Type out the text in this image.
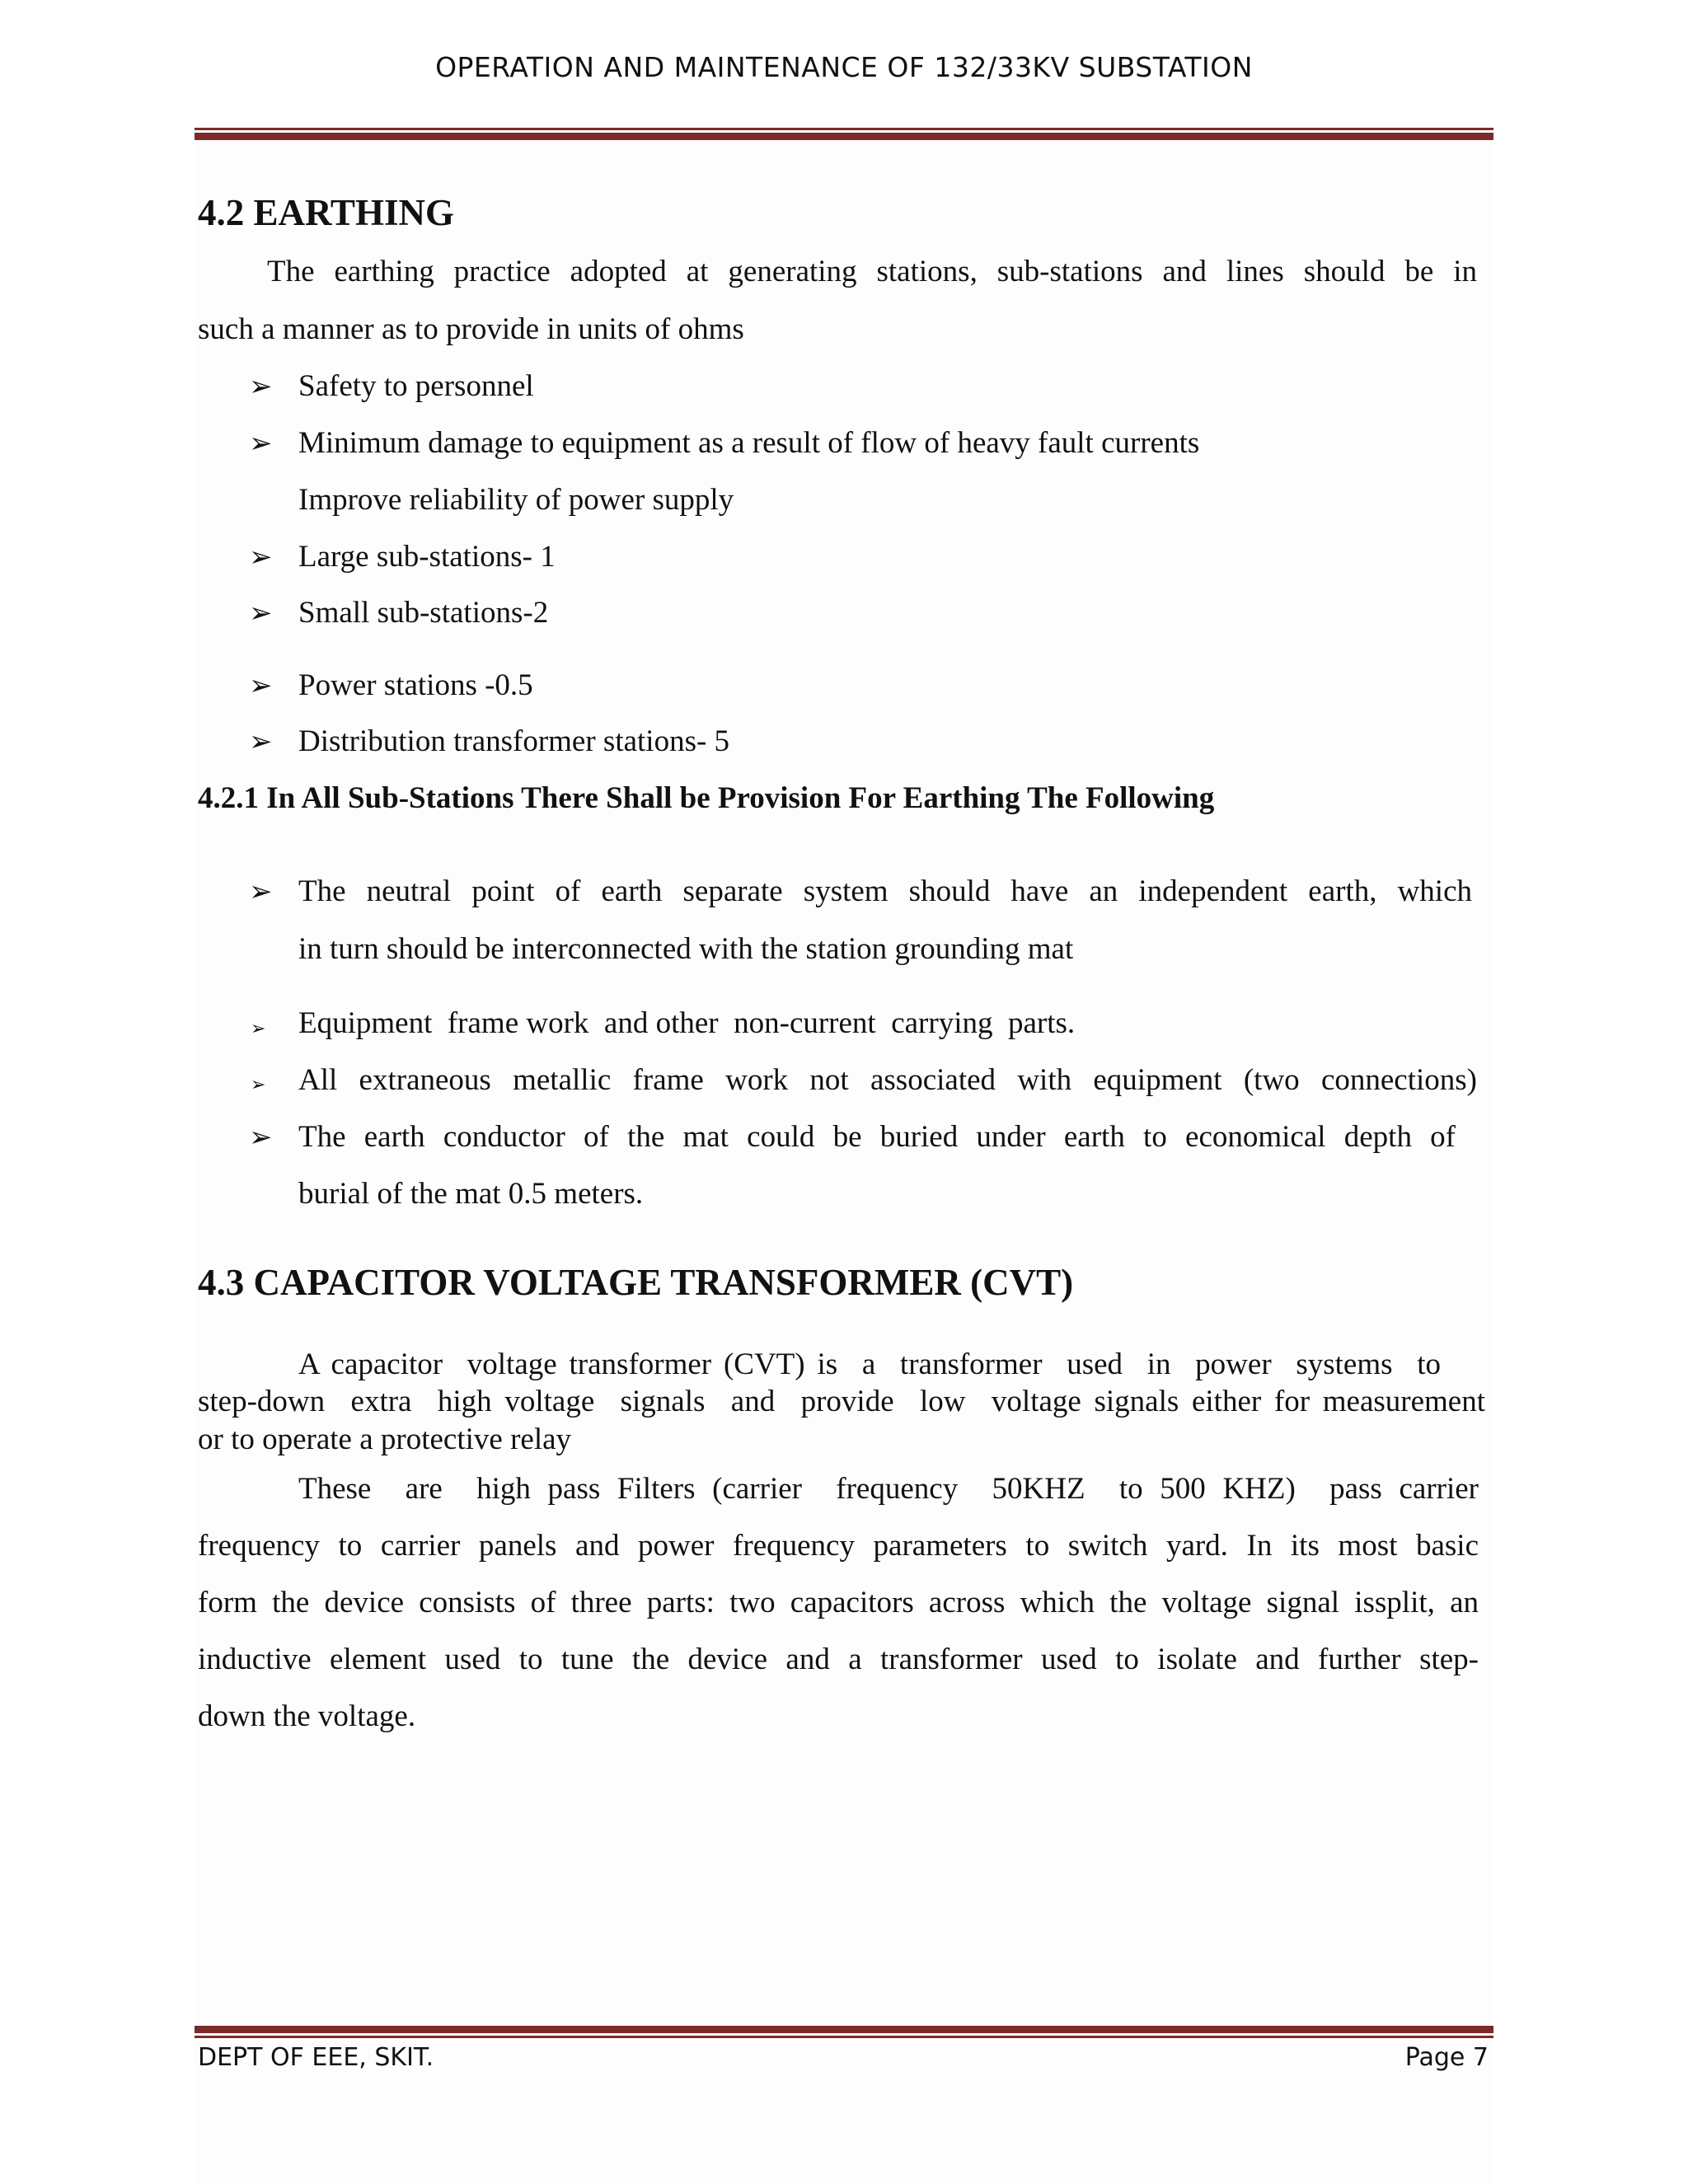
OPERATION AND MAINTENANCE OF 132/33KV SUBSTATION
4.2 EARTHING
The earthing practice adopted at generating stations, sub-stations and lines should be in
such a manner as to provide in units of ohms
➢ Safety to personnel
➢ Minimum damage to equipment as a result of flow of heavy fault currents
Improve reliability of power supply
➢ Large sub-stations- 1
➢ Small sub-stations-2
➢ Power stations -0.5
➢ Distribution transformer stations- 5
4.2.1 In All Sub-Stations There Shall be Provision For Earthing The Following
➢ The neutral point of earth separate system should have an independent earth, which
in turn should be interconnected with the station grounding mat
➢ Equipment  frame work  and other  non-current  carrying  parts.
➢ All extraneous metallic frame work not associated with equipment (two connections)
➢ The earth conductor of the mat could be buried under earth to economical depth of
burial of the mat 0.5 meters.
4.3 CAPACITOR VOLTAGE TRANSFORMER (CVT)
A capacitor  voltage transformer (CVT) is  a  transformer  used  in  power  systems  to
step-down  extra  high voltage  signals  and  provide  low  voltage signals either for measurement
or to operate a protective relay
These  are  high pass Filters (carrier  frequency  50KHZ  to 500 KHZ)  pass carrier
frequency to carrier panels and power frequency parameters to switch yard. In its most basic
form the device consists of three parts: two capacitors across which the voltage signal issplit, an
inductive element used to tune the device and a transformer used to isolate and further step-
down the voltage.
DEPT OF EEE, SKIT.	Page 7
